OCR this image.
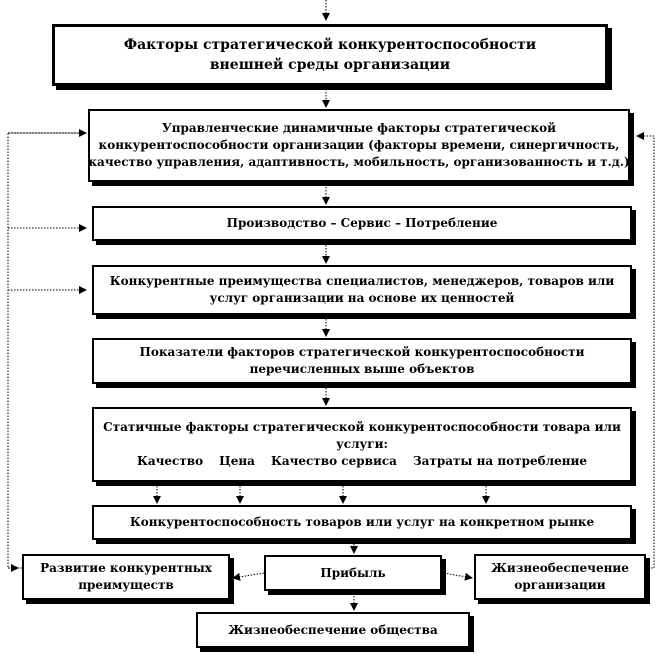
Факторы стратегической конкурентоспособности
внешней среды организации
Управленческие динамичные факторы стратегической
конкурентоспособности организации (факторы времени, синергичность,
качество управления, адаптивность, мобильность, организованность и т.д.)
Производство – Сервис – Потребление
Конкурентные преимущества специалистов, менеджеров, товаров или
услуг организации на основе их ценностей
Показатели факторов стратегической конкурентоспособности
перечисленных выше объектов
Статичные факторы стратегической конкурентоспособности товара или
услуги:
Качество Цена Качество сервиса Затраты на потребление
Конкурентоспособность товаров или услуг на конкретном рынке
Развитие конкурентных
преимуществ
Прибыль	Жизнеобеспечение
организации
Жизнеобеспечение общества
